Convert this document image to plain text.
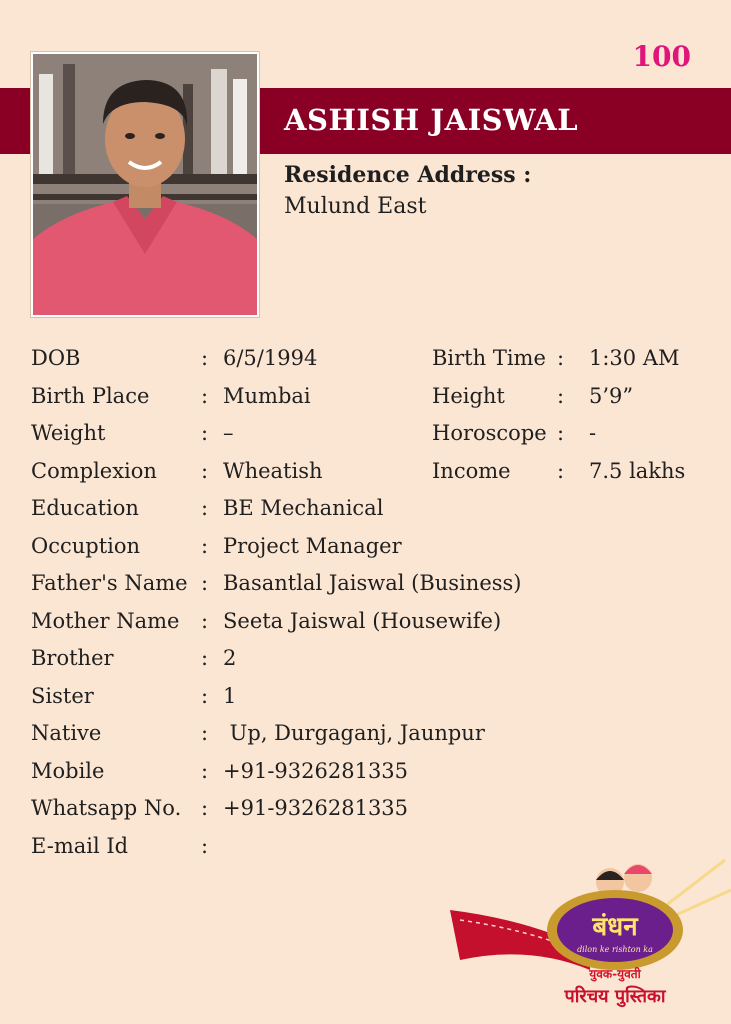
100
ASHISH JAISWAL
Residence Address :
Mulund East
DOB	: 6/5/1994	Birth Time : 1:30 AM
Birth Place : Mumbai	Height : 5’9”
Weight	: –	Horoscope : -
Complexion : Wheatish	Income : 7.5 lakhs
Education	: BE Mechanical
Occuption	: Project Manager
Father's Name : Basantlal Jaiswal (Business)
Mother Name : Seeta Jaiswal (Housewife)
Brother	: 2
Sister	: 1
Native	: Up, Durgaganj, Jaunpur
Mobile	: +91-9326281335
Whatsapp No. : +91-9326281335
E-mail Id	:
बंधन
dilon ke rishton ka
युवक-युवती
परिचय पुस्तिका
